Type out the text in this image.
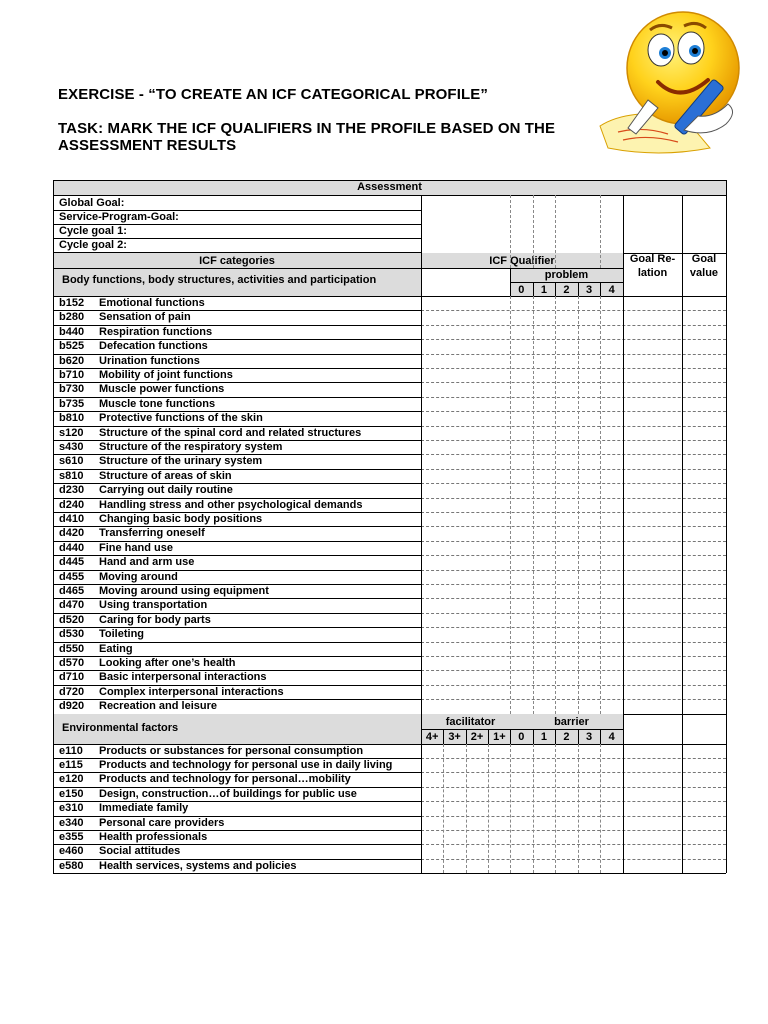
EXERCISE - “TO CREATE AN ICF CATEGORICAL PROFILE”
TASK: MARK THE ICF QUALIFIERS IN THE PROFILE BASED ON THE ASSESSMENT RESULTS
Assessment
Global Goal:
Service-Program-Goal:
Cycle goal 1:
Cycle goal 2:
ICF categories
Body functions, body structures, activities and participation
ICF Qualifier
problem
0	1	2	3	4
Goal Re-lation
Goal value
b152 Emotional functions
b280 Sensation of pain
b440 Respiration functions
b525 Defecation functions
b620 Urination functions
b710 Mobility of joint functions
b730 Muscle power functions
b735 Muscle tone functions
b810 Protective functions of the skin
s120 Structure of the spinal cord and related structures
s430 Structure of the respiratory system
s610 Structure of the urinary system
s810 Structure of areas of skin
d230 Carrying out daily routine
d240 Handling stress and other psychological demands
d410 Changing basic body positions
d420 Transferring oneself
d440 Fine hand use
d445 Hand and arm use
d455 Moving around
d465 Moving around using equipment
d470 Using transportation
d520 Caring for body parts
d530 Toileting
d550 Eating
d570 Looking after one’s health
d710 Basic interpersonal interactions
d720 Complex interpersonal interactions
d920 Recreation and leisure
Environmental factors	facilitator	barrier
4+ 3+ 2+ 1+	0	1	2	3	4
e110 Products or substances for personal consumption
e115 Products and technology for personal use in daily living
e120 Products and technology for personal…mobility
e150 Design, construction…of buildings for public use
e310 Immediate family
e340 Personal care providers
e355 Health professionals
e460 Social attitudes
e580 Health services, systems and policies
